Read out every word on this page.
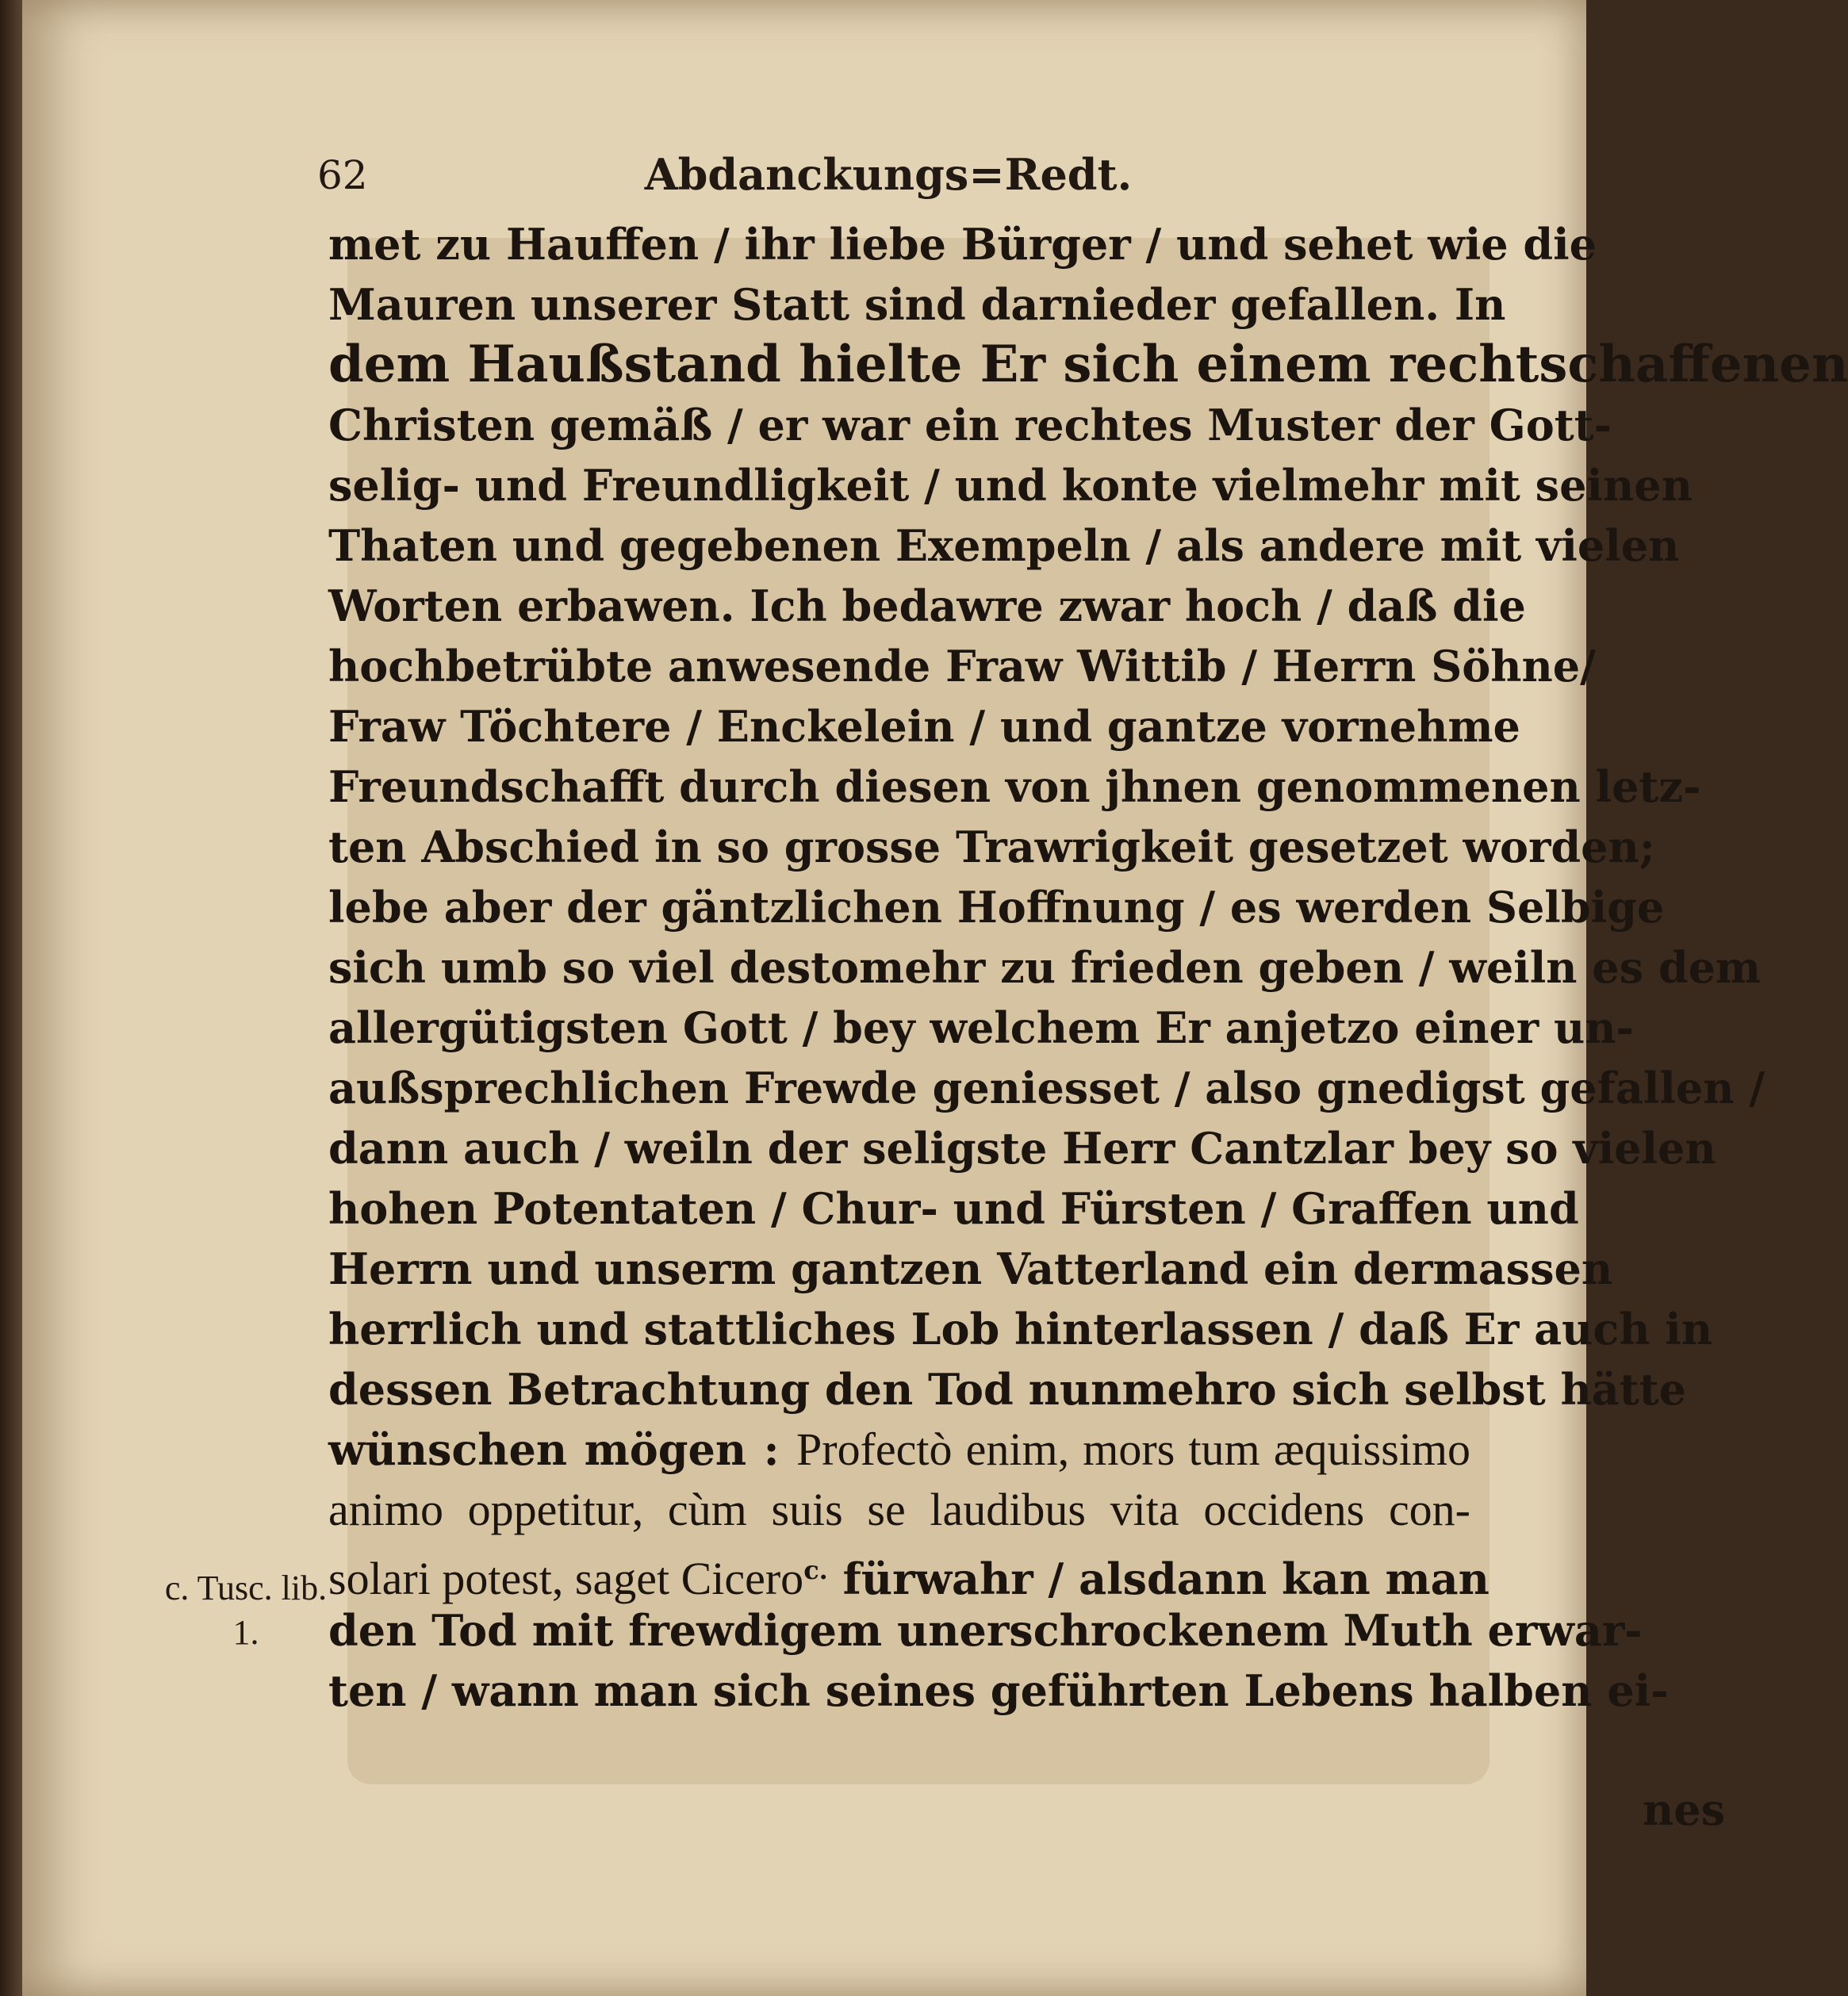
62	Abdanckungs=Redt.
met zu Hauffen / ihr liebe Bürger / und sehet wie die
Mauren unserer Statt sind darnieder gefallen. In
dem Haußstand hielte Er sich einem rechtschaffenen
Christen gemäß / er war ein rechtes Muster der Gott-
selig- und Freundligkeit / und konte vielmehr mit seinen
Thaten und gegebenen Exempeln / als andere mit vielen
Worten erbawen. Ich bedawre zwar hoch / daß die
hochbetrübte anwesende Fraw Wittib / Herrn Söhne/
Fraw Töchtere / Enckelein / und gantze vornehme
Freundschafft durch diesen von jhnen genommenen letz-
ten Abschied in so grosse Trawrigkeit gesetzet worden;
lebe aber der gäntzlichen Hoffnung / es werden Selbige
sich umb so viel destomehr zu frieden geben / weiln es dem
allergütigsten Gott / bey welchem Er anjetzo einer un-
außsprechlichen Frewde geniesset / also gnedigst gefallen /
dann auch / weiln der seligste Herr Cantzlar bey so vielen
hohen Potentaten / Chur- und Fürsten / Graffen und
Herrn und unserm gantzen Vatterland ein dermassen
herrlich und stattliches Lob hinterlassen / daß Er auch in
dessen Betrachtung den Tod nunmehro sich selbst hätte
wünschen mögen : Profectò enim, mors tum æquissimo
animo oppetitur, cùm suis se laudibus vita occidens con-
solari potest, saget Cicero$^{c.}$ fürwahr / alsdann kan man
den Tod mit frewdigem unerschrockenem Muth erwar-
ten / wann man sich seines geführten Lebens halben ei-
c. Tusc. lib.
1.
nes
